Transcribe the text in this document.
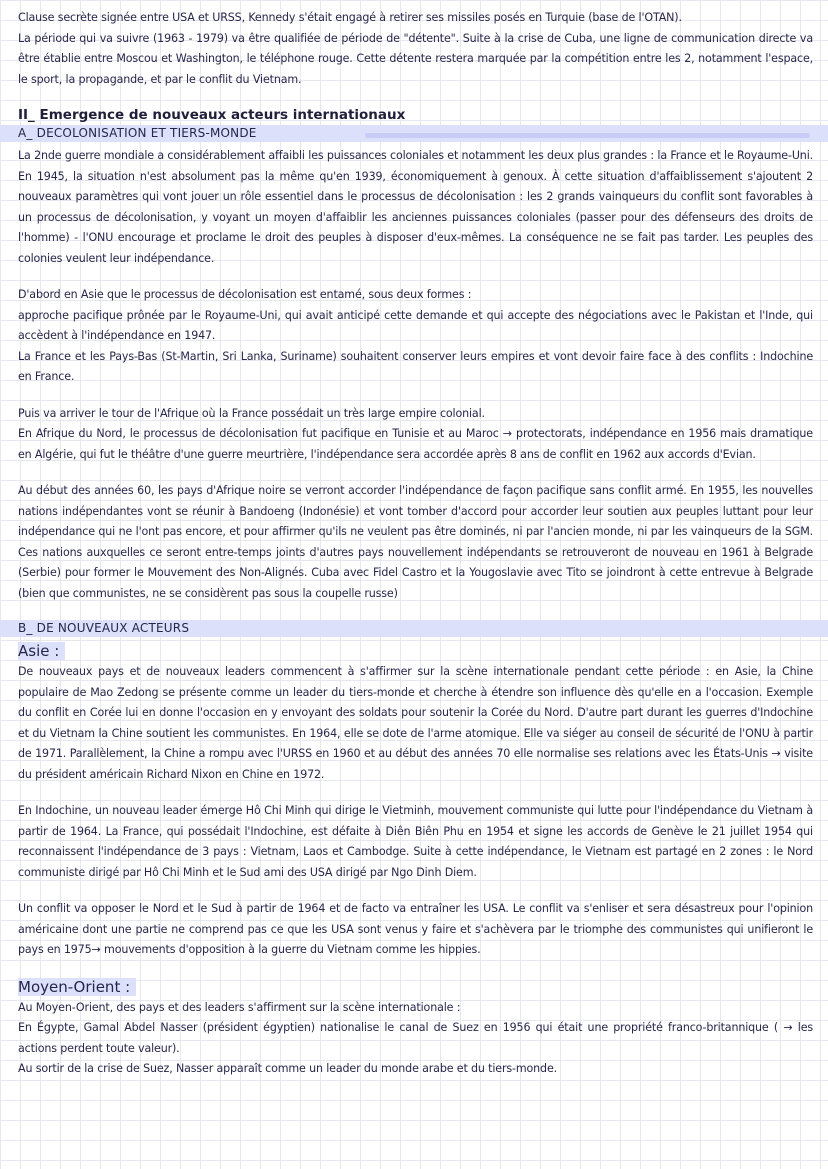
Clause secrète signée entre USA et URSS, Kennedy s'était engagé à retirer ses missiles posés en Turquie (base de l'OTAN).

La période qui va suivre (1963 - 1979) va être qualifiée de période de "détente". Suite à la crise de Cuba, une ligne de communication directe va être établie entre Moscou et Washington, le téléphone rouge. Cette détente restera marquée par la compétition entre les 2, notamment l'espace, le sport, la propagande, et par le conflit du Vietnam.

II_ Emergence de nouveaux acteurs internationaux
A_ DECOLONISATION ET TIERS-MONDE

La 2nde guerre mondiale a considérablement affaibli les puissances coloniales et notamment les deux plus grandes : la France et le Royaume-Uni. En 1945, la situation n'est absolument pas la même qu'en 1939, économiquement à genoux. À cette situation d'affaiblissement s'ajoutent 2 nouveaux paramètres qui vont jouer un rôle essentiel dans le processus de décolonisation : les 2 grands vainqueurs du conflit sont favorables à un processus de décolonisation, y voyant un moyen d'affaiblir les anciennes puissances coloniales (passer pour des défenseurs des droits de l'homme) - l'ONU encourage et proclame le droit des peuples à disposer d'eux-mêmes. La conséquence ne se fait pas tarder. Les peuples des colonies veulent leur indépendance.

D'abord en Asie que le processus de décolonisation est entamé, sous deux formes :

approche pacifique prônée par le Royaume-Uni, qui avait anticipé cette demande et qui accepte des négociations avec le Pakistan et l'Inde, qui accèdent à l'indépendance en 1947.

La France et les Pays-Bas (St-Martin, Sri Lanka, Suriname) souhaitent conserver leurs empires et vont devoir faire face à des conflits : Indochine en France.

Puis va arriver le tour de l'Afrique où la France possédait un très large empire colonial.

En Afrique du Nord, le processus de décolonisation fut pacifique en Tunisie et au Maroc → protectorats, indépendance en 1956 mais dramatique en Algérie, qui fut le théâtre d'une guerre meurtrière, l'indépendance sera accordée après 8 ans de conflit en 1962 aux accords d'Evian.

Au début des années 60, les pays d'Afrique noire se verront accorder l'indépendance de façon pacifique sans conflit armé. En 1955, les nouvelles nations indépendantes vont se réunir à Bandoeng (Indonésie) et vont tomber d'accord pour accorder leur soutien aux peuples luttant pour leur indépendance qui ne l'ont pas encore, et pour affirmer qu'ils ne veulent pas être dominés, ni par l'ancien monde, ni par les vainqueurs de la SGM. Ces nations auxquelles ce seront entre-temps joints d'autres pays nouvellement indépendants se retrouveront de nouveau en 1961 à Belgrade (Serbie) pour former le Mouvement des Non-Alignés. Cuba avec Fidel Castro et la Yougoslavie avec Tito se joindront à cette entrevue à Belgrade (bien que communistes, ne se considèrent pas sous la coupelle russe)

B_ DE NOUVEAUX ACTEURS
Asie :

De nouveaux pays et de nouveaux leaders commencent à s'affirmer sur la scène internationale pendant cette période : en Asie, la Chine populaire de Mao Zedong se présente comme un leader du tiers-monde et cherche à étendre son influence dès qu'elle en a l'occasion. Exemple du conflit en Corée lui en donne l'occasion en y envoyant des soldats pour soutenir la Corée du Nord. D'autre part durant les guerres d'Indochine et du Vietnam la Chine soutient les communistes. En 1964, elle se dote de l'arme atomique. Elle va siéger au conseil de sécurité de l'ONU à partir de 1971. Parallèlement, la Chine a rompu avec l'URSS en 1960 et au début des années 70 elle normalise ses relations avec les États-Unis → visite du président américain Richard Nixon en Chine en 1972.

En Indochine, un nouveau leader émerge Hô Chi Minh qui dirige le Vietminh, mouvement communiste qui lutte pour l'indépendance du Vietnam à partir de 1964. La France, qui possédait l'Indochine, est défaite à Diên Biên Phu en 1954 et signe les accords de Genève le 21 juillet 1954 qui reconnaissent l'indépendance de 3 pays : Vietnam, Laos et Cambodge. Suite à cette indépendance, le Vietnam est partagé en 2 zones : le Nord communiste dirigé par Hô Chi Minh et le Sud ami des USA dirigé par Ngo Dinh Diem.

Un conflit va opposer le Nord et le Sud à partir de 1964 et de facto va entraîner les USA. Le conflit va s'enliser et sera désastreux pour l'opinion américaine dont une partie ne comprend pas ce que les USA sont venus y faire et s'achèvera par le triomphe des communistes qui unifieront le pays en 1975→ mouvements d'opposition à la guerre du Vietnam comme les hippies.

Moyen-Orient :

Au Moyen-Orient, des pays et des leaders s'affirment sur la scène internationale :

En Égypte, Gamal Abdel Nasser (président égyptien) nationalise le canal de Suez en 1956 qui était une propriété franco-britannique ( → les actions perdent toute valeur).

Au sortir de la crise de Suez, Nasser apparaît comme un leader du monde arabe et du tiers-monde.
